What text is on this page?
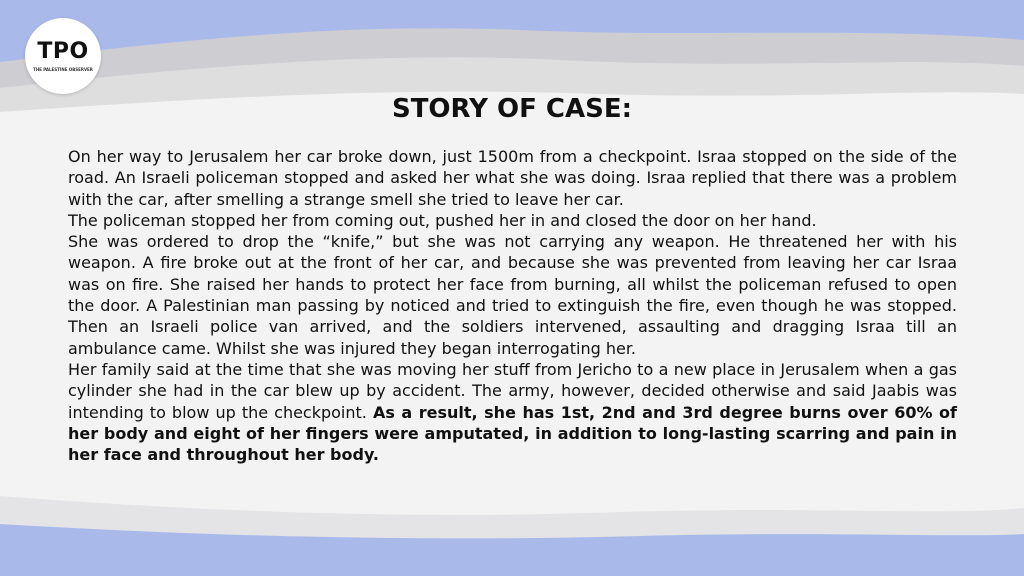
TPO
THE PALESTINE OBSERVER
STORY OF CASE:

On her way to Jerusalem her car broke down, just 1500m from a checkpoint. Israa stopped on the side of the road. An Israeli policeman stopped and asked her what she was doing. Israa replied that there was a problem with the car, after smelling a strange smell she tried to leave her car.

The policeman stopped her from coming out, pushed her in and closed the door on her hand.

She was ordered to drop the “knife,” but she was not carrying any weapon. He threatened her with his weapon. A fire broke out at the front of her car, and because she was prevented from leaving her car Israa was on fire. She raised her hands to protect her face from burning, all whilst the policeman refused to open the door. A Palestinian man passing by noticed and tried to extinguish the fire, even though he was stopped. Then an Israeli police van arrived, and the soldiers intervened, assaulting and dragging Israa till an ambulance came. Whilst she was injured they began interrogating her.

Her family said at the time that she was moving her stuff from Jericho to a new place in Jerusalem when a gas cylinder she had in the car blew up by accident. The army, however, decided otherwise and said Jaabis was intending to blow up the checkpoint. As a result, she has 1st, 2nd and 3rd degree burns over 60% of her body and eight of her fingers were amputated, in addition to long-lasting scarring and pain in her face and throughout her body.
